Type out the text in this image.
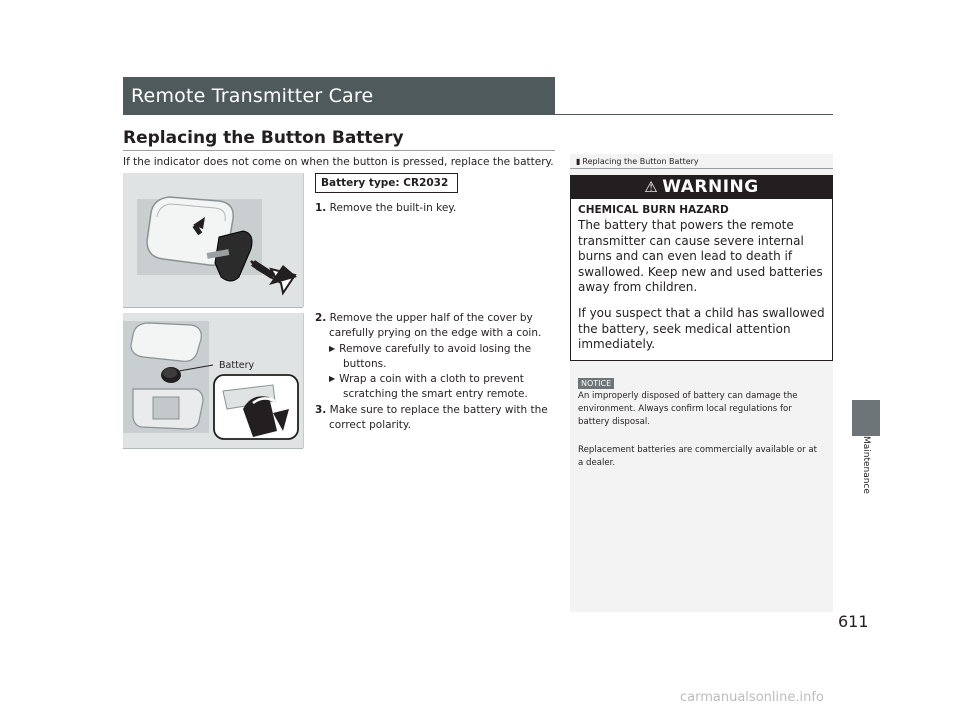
Remote Transmitter Care
Replacing the Button Battery
If the indicator does not come on when the button is pressed, replace the battery.
Battery
Battery type: CR2032
1. Remove the built-in key.
2. Remove the upper half of the cover by carefully prying on the edge with a coin.
▶ Remove carefully to avoid losing the buttons.
▶ Wrap a coin with a cloth to prevent scratching the smart entry remote.
3. Make sure to replace the battery with the correct polarity.
▮ Replacing the Button Battery
⚠ WARNING
CHEMICAL BURN HAZARD
The battery that powers the remote transmitter can cause severe internal burns and can even lead to death if swallowed. Keep new and used batteries away from children.
If you suspect that a child has swallowed the battery, seek medical attention immediately.
NOTICE
An improperly disposed of battery can damage the environment. Always confirm local regulations for battery disposal.
Replacement batteries are commercially available or at a dealer.	Maintenance
611
carmanualsonline.info
